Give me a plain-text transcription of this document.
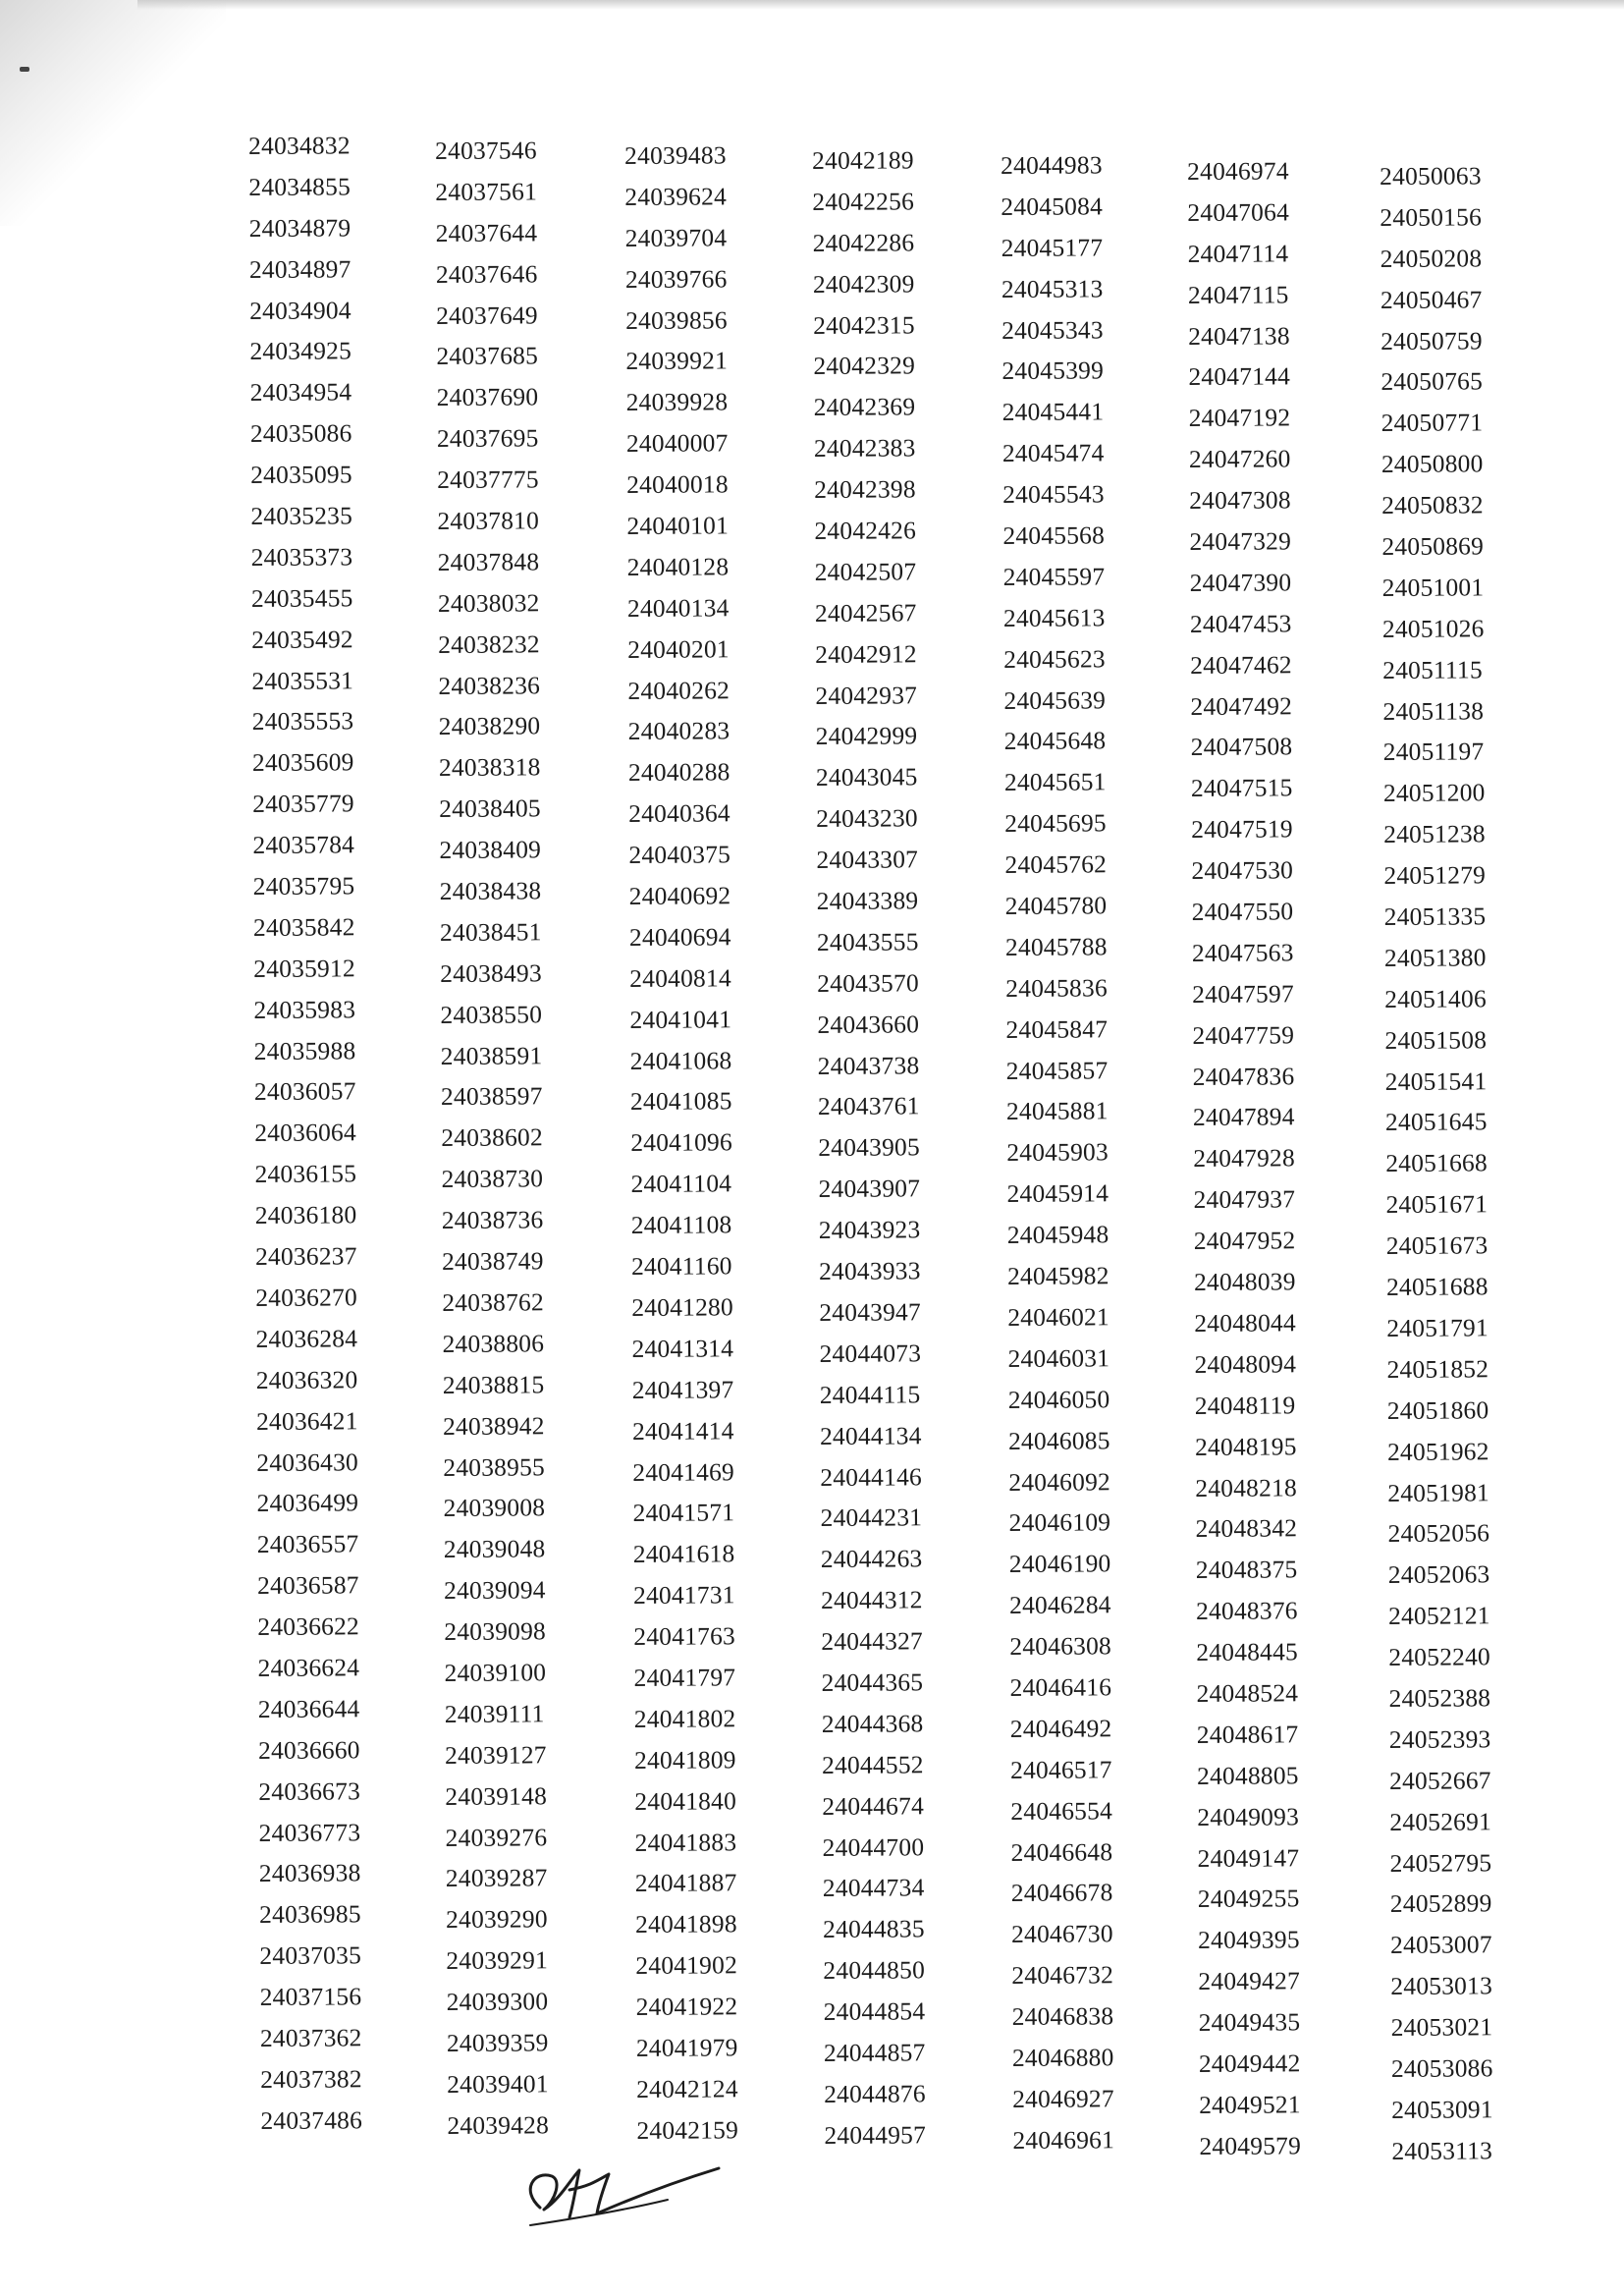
24034832
24034855
24034879
24034897
24034904
24034925
24034954
24035086
24035095
24035235
24035373
24035455
24035492
24035531
24035553
24035609
24035779
24035784
24035795
24035842
24035912
24035983
24035988
24036057
24036064
24036155
24036180
24036237
24036270
24036284
24036320
24036421
24036430
24036499
24036557
24036587
24036622
24036624
24036644
24036660
24036673
24036773
24036938
24036985
24037035
24037156
24037362
24037382
24037486
24037546
24037561
24037644
24037646
24037649
24037685
24037690
24037695
24037775
24037810
24037848
24038032
24038232
24038236
24038290
24038318
24038405
24038409
24038438
24038451
24038493
24038550
24038591
24038597
24038602
24038730
24038736
24038749
24038762
24038806
24038815
24038942
24038955
24039008
24039048
24039094
24039098
24039100
24039111
24039127
24039148
24039276
24039287
24039290
24039291
24039300
24039359
24039401
24039428
24039483
24039624
24039704
24039766
24039856
24039921
24039928
24040007
24040018
24040101
24040128
24040134
24040201
24040262
24040283
24040288
24040364
24040375
24040692
24040694
24040814
24041041
24041068
24041085
24041096
24041104
24041108
24041160
24041280
24041314
24041397
24041414
24041469
24041571
24041618
24041731
24041763
24041797
24041802
24041809
24041840
24041883
24041887
24041898
24041902
24041922
24041979
24042124
24042159
24042189
24042256
24042286
24042309
24042315
24042329
24042369
24042383
24042398
24042426
24042507
24042567
24042912
24042937
24042999
24043045
24043230
24043307
24043389
24043555
24043570
24043660
24043738
24043761
24043905
24043907
24043923
24043933
24043947
24044073
24044115
24044134
24044146
24044231
24044263
24044312
24044327
24044365
24044368
24044552
24044674
24044700
24044734
24044835
24044850
24044854
24044857
24044876
24044957
24044983
24045084
24045177
24045313
24045343
24045399
24045441
24045474
24045543
24045568
24045597
24045613
24045623
24045639
24045648
24045651
24045695
24045762
24045780
24045788
24045836
24045847
24045857
24045881
24045903
24045914
24045948
24045982
24046021
24046031
24046050
24046085
24046092
24046109
24046190
24046284
24046308
24046416
24046492
24046517
24046554
24046648
24046678
24046730
24046732
24046838
24046880
24046927
24046961
24046974
24047064
24047114
24047115
24047138
24047144
24047192
24047260
24047308
24047329
24047390
24047453
24047462
24047492
24047508
24047515
24047519
24047530
24047550
24047563
24047597
24047759
24047836
24047894
24047928
24047937
24047952
24048039
24048044
24048094
24048119
24048195
24048218
24048342
24048375
24048376
24048445
24048524
24048617
24048805
24049093
24049147
24049255
24049395
24049427
24049435
24049442
24049521
24049579
24050063
24050156
24050208
24050467
24050759
24050765
24050771
24050800
24050832
24050869
24051001
24051026
24051115
24051138
24051197
24051200
24051238
24051279
24051335
24051380
24051406
24051508
24051541
24051645
24051668
24051671
24051673
24051688
24051791
24051852
24051860
24051962
24051981
24052056
24052063
24052121
24052240
24052388
24052393
24052667
24052691
24052795
24052899
24053007
24053013
24053021
24053086
24053091
24053113
